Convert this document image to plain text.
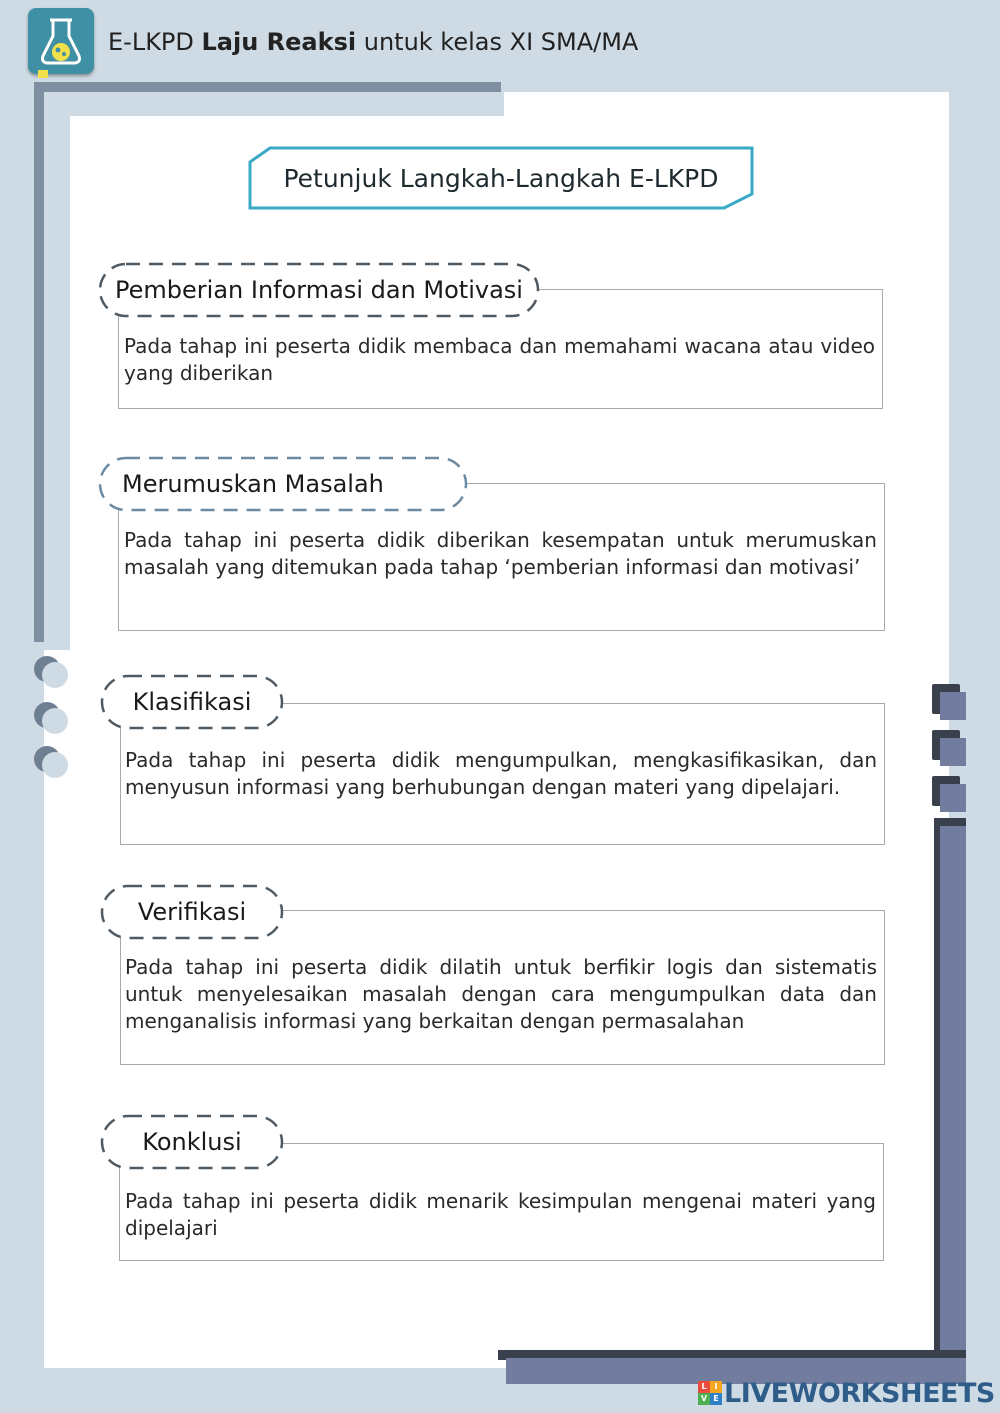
E-LKPD Laju Reaksi untuk kelas XI SMA/MA
Petunjuk Langkah-Langkah E-LKPD
Pada tahap ini peserta didik membaca dan memahami wacana atau video yang diberikan
Pemberian Informasi dan Motivasi
Pada tahap ini peserta didik diberikan kesempatan untuk merumuskan masalah yang ditemukan pada tahap ‘pemberian informasi dan motivasi’
Merumuskan Masalah
Pada tahap ini peserta didik mengumpulkan, mengkasifikasikan, dan menyusun informasi yang berhubungan dengan materi yang dipelajari.
Klasifikasi
Pada tahap ini peserta didik dilatih untuk berfikir logis dan sistematis untuk menyelesaikan masalah dengan cara mengumpulkan data dan menganalisis informasi yang berkaitan dengan permasalahan
Verifikasi
Pada tahap ini peserta didik menarik kesimpulan mengenai materi yang dipelajari
Konklusi
L I
V E LIVEWORKSHEETS
